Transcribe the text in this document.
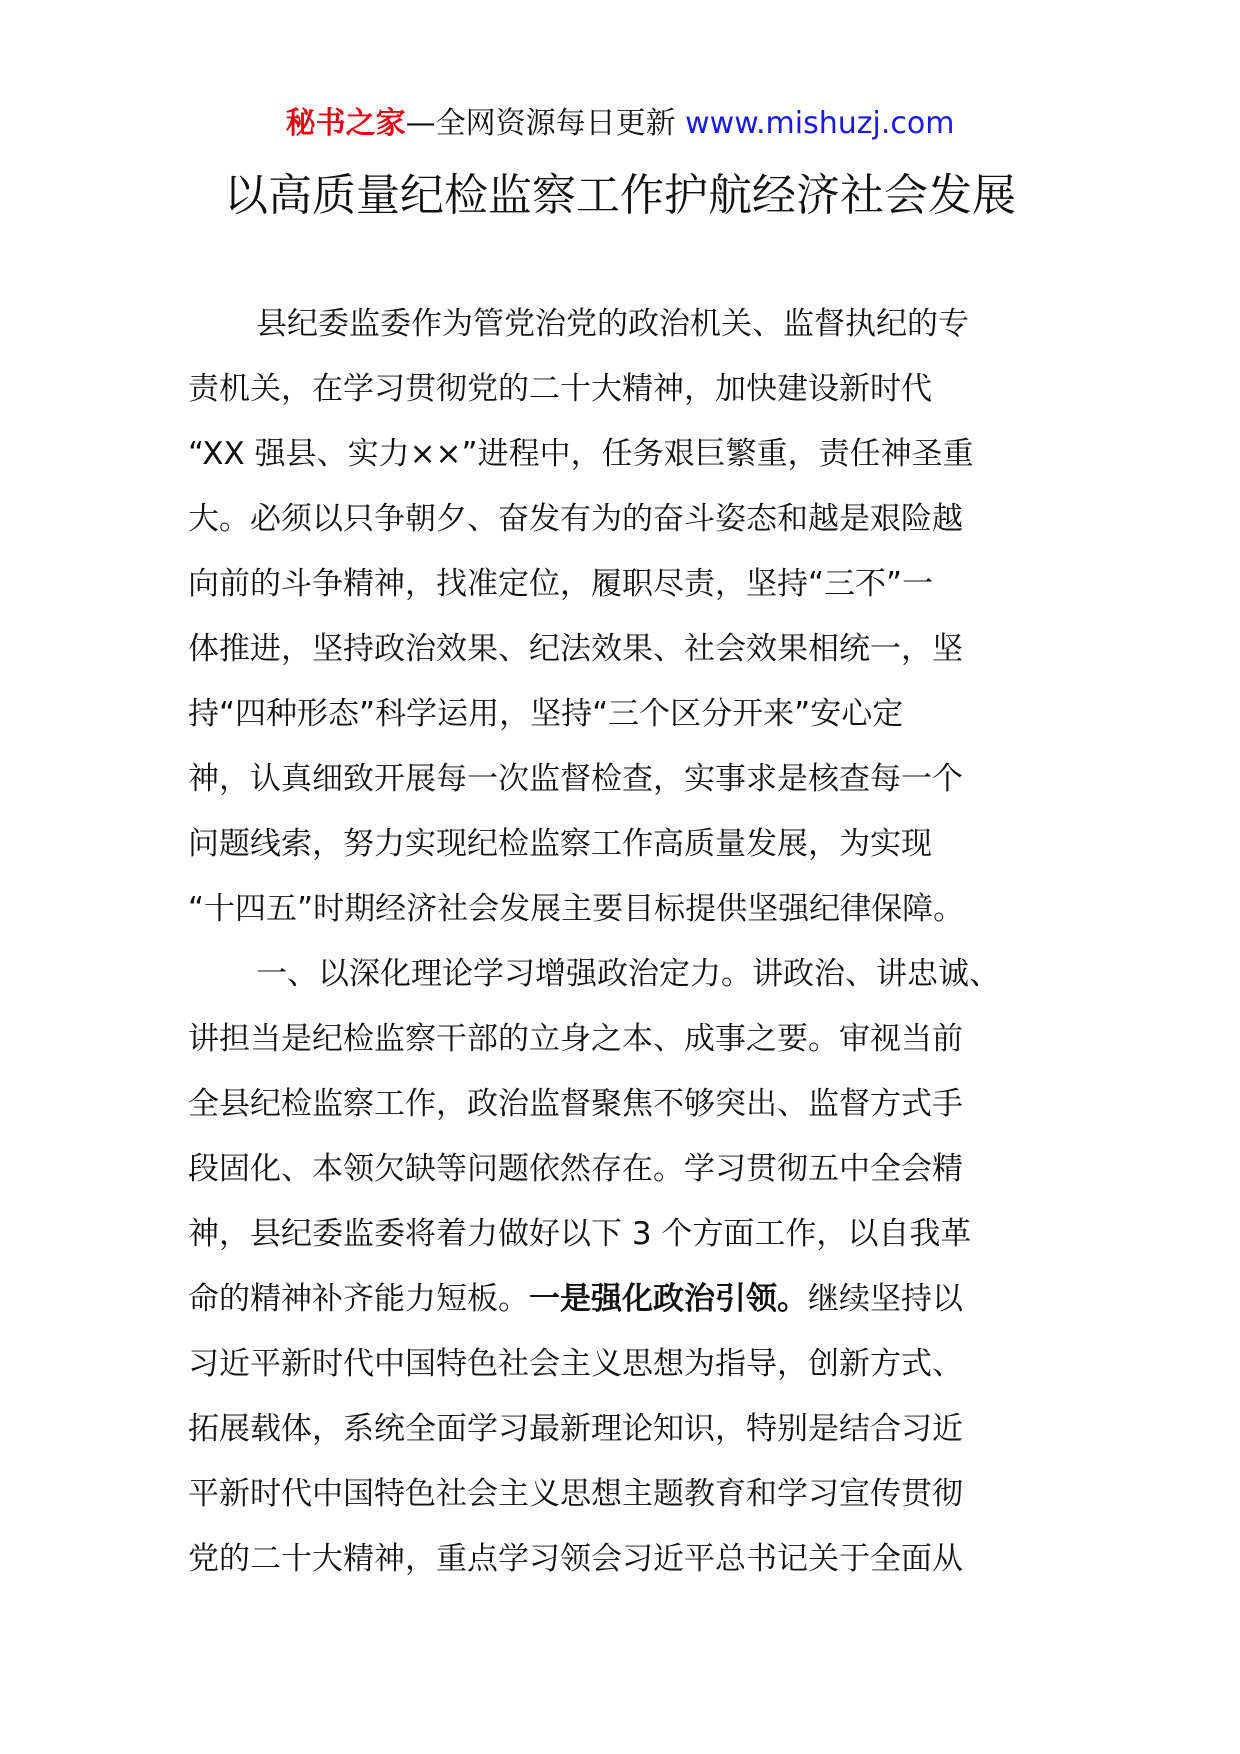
秘书之家—全网资源每日更新 www.mishuzj.com
以高质量纪检监察工作护航经济社会发展
县纪委监委作为管党治党的政治机关、监督执纪的专
责机关，在学习贯彻党的二十大精神，加快建设新时代
“XX 强县、实力××”进程中，任务艰巨繁重，责任神圣重
大。必须以只争朝夕、奋发有为的奋斗姿态和越是艰险越
向前的斗争精神，找准定位，履职尽责，坚持“三不”一
体推进，坚持政治效果、纪法效果、社会效果相统一，坚
持“四种形态”科学运用，坚持“三个区分开来”安心定
神，认真细致开展每一次监督检查，实事求是核查每一个
问题线索，努力实现纪检监察工作高质量发展，为实现
“十四五”时期经济社会发展主要目标提供坚强纪律保障。
一、以深化理论学习增强政治定力。讲政治、讲忠诚、
讲担当是纪检监察干部的立身之本、成事之要。审视当前
全县纪检监察工作，政治监督聚焦不够突出、监督方式手
段固化、本领欠缺等问题依然存在。学习贯彻五中全会精
神，县纪委监委将着力做好以下 3 个方面工作，以自我革
命的精神补齐能力短板。一是强化政治引领。继续坚持以
习近平新时代中国特色社会主义思想为指导，创新方式、
拓展载体，系统全面学习最新理论知识，特别是结合习近
平新时代中国特色社会主义思想主题教育和学习宣传贯彻
党的二十大精神，重点学习领会习近平总书记关于全面从
